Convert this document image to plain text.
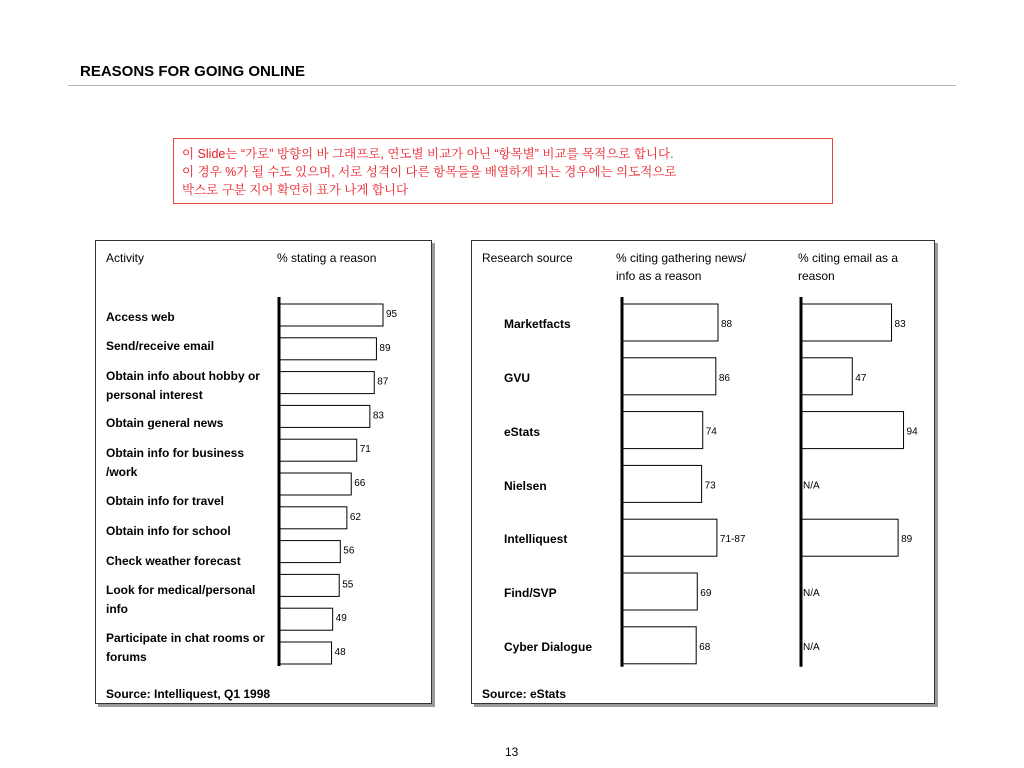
REASONS FOR GOING ONLINE
이 Slide는 “가로” 방향의 바 그래프로, 연도별 비교가 아닌 “항목별” 비교를 목적으로 합니다.
이 경우 %가 될 수도 있으며, 서로 성격이 다른 항목들을 배열하게 되는 경우에는 의도적으로
박스로 구분 지어 확연히 표가 나게 합니다
Activity	% stating a reason
Access web
Send/receive email
Obtain info about hobby or personal interest
Obtain general news
Obtain info for business /work
Obtain info for travel
Obtain info for school
Check weather forecast
Look for medical/personal info
Participate in chat rooms or forums
95
89
87
83
71
66
62
56
55
49
48
Source: Intelliquest, Q1 1998
Research source	% citing gathering news/
info as a reason
% citing email as a
reason
Marketfacts
GVU
eStats
Nielsen
Intelliquest
Find/SVP
Cyber Dialogue
88
86
74
73
71-87
69
68
83
47
94
N/A
89
N/A
N/A
Source: eStats
13
